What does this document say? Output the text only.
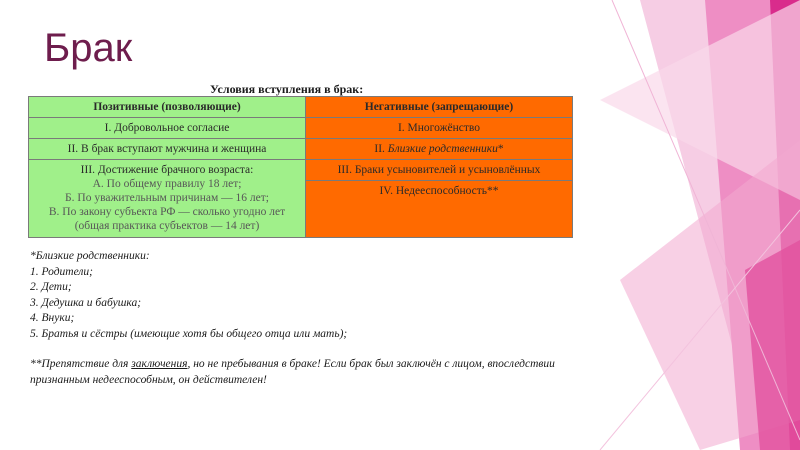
Брак
Условия вступления в брак:
Позитивные (позволяющие)	Негативные (запрещающие)
I. Добровольное согласие	I. Многожёнство
II. В брак вступают мужчина и женщина	II. Близкие родственники*

III. Достижение брачного возраста:
А. По общему правилу 18 лет;
Б. По уважительным причинам — 16 лет;
В. По закону субъекта РФ — сколько угодно лет (общая практика субъектов — 14 лет)	III. Браки усыновителей и усыновлённых
	IV. Недееспособность**
*Близкие родственники:
1. Родители;
2. Дети;
3. Дедушка и бабушка;
4. Внуки;
5. Братья и сёстры (имеющие хотя бы общего отца или мать);
**Препятствие для заключения, но не пребывания в браке! Если брак был заключён с лицом, впоследствии признанным недееспособным, он действителен!
